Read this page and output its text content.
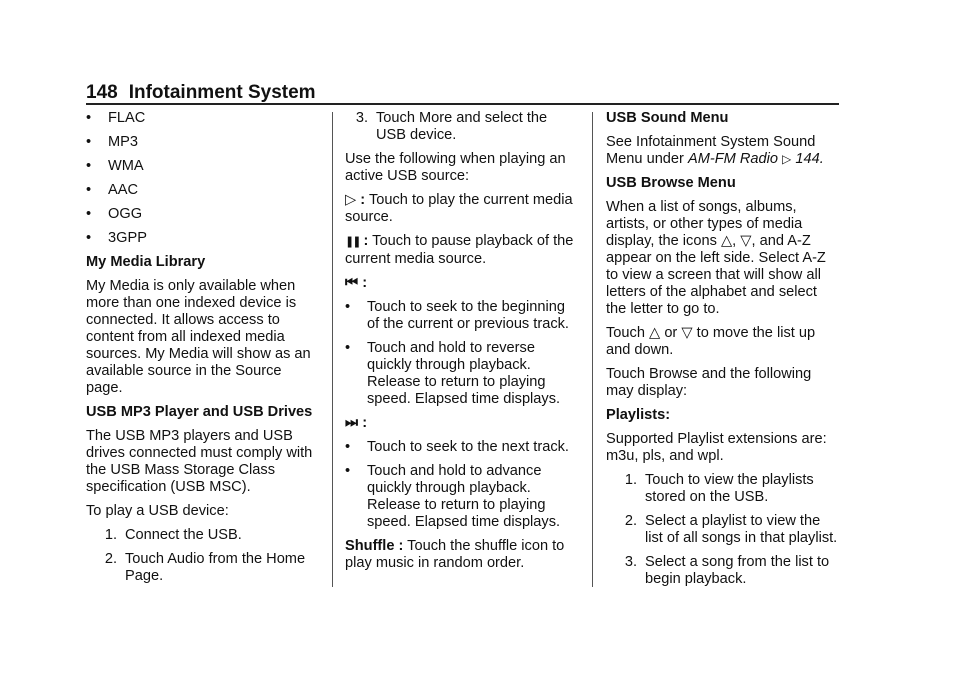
148 Infotainment System
•	FLAC
•	MP3
•	WMA
•	AAC
•	OGG
•	3GPP

My Media Library

My Media is only available when more than one indexed device is connected. It allows access to content from all indexed media sources. My Media will show as an available source in the Source page.

USB MP3 Player and USB Drives

The USB MP3 players and USB drives connected must comply with the USB Mass Storage Class specification (USB MSC).

To play a USB device:

1. Connect the USB.
2. Touch Audio from the Home Page.
3. Touch More and select the USB device.

Use the following when playing an active USB source:

▷ : Touch to play the current media source.

❚❚ : Touch to pause playback of the current media source.

⏮ :

•	Touch to seek to the beginning of the current or previous track.
•	Touch and hold to reverse quickly through playback. Release to return to playing speed. Elapsed time displays.

⏭ :

•	Touch to seek to the next track.
•	Touch and hold to advance quickly through playback. Release to return to playing speed. Elapsed time displays.

Shuffle : Touch the shuffle icon to play music in random order.

USB Sound Menu

See Infotainment System Sound Menu under AM-FM Radio ▷ 144.

USB Browse Menu

When a list of songs, albums, artists, or other types of media display, the icons △, ▽, and A-Z appear on the left side. Select A-Z to view a screen that will show all letters of the alphabet and select the letter to go to.

Touch △ or ▽ to move the list up and down.

Touch Browse and the following may display:

Playlists:

Supported Playlist extensions are: m3u, pls, and wpl.

1. Touch to view the playlists stored on the USB.
2. Select a playlist to view the list of all songs in that playlist.
3. Select a song from the list to begin playback.
